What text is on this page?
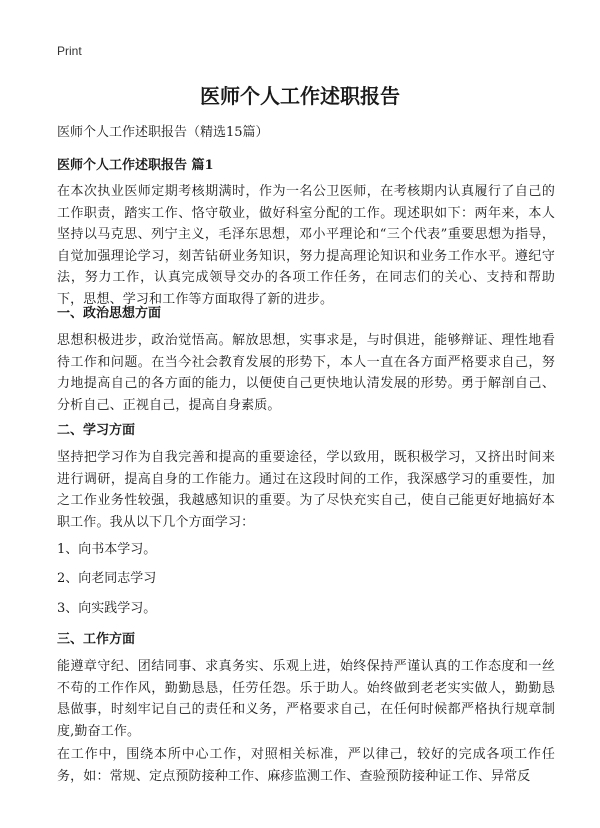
Print
医师个人工作述职报告

医师个人工作述职报告（精选15篇）

医师个人工作述职报告 篇1

在本次执业医师定期考核期满时，作为一名公卫医师，在考核期内认真履行了自己的工作职责，踏实工作、恪守敬业，做好科室分配的工作。现述职如下：两年来，本人坚持以马克思、列宁主义，毛泽东思想，邓小平理论和“三个代表”重要思想为指导，自觉加强理论学习，刻苦钻研业务知识，努力提高理论知识和业务工作水平。遵纪守法，努力工作，认真完成领导交办的各项工作任务，在同志们的关心、支持和帮助下，思想、学习和工作等方面取得了新的进步。

一、政治思想方面

思想积极进步，政治觉悟高。解放思想，实事求是，与时俱进，能够辩证、理性地看待工作和问题。在当今社会教育发展的形势下，本人一直在各方面严格要求自己，努力地提高自己的各方面的能力，以便使自己更快地认清发展的形势。勇于解剖自己、分析自己、正视自己，提高自身素质。

二、学习方面

坚持把学习作为自我完善和提高的重要途径，学以致用，既积极学习，又挤出时间来进行调研，提高自身的工作能力。通过在这段时间的工作，我深感学习的重要性，加之工作业务性较强，我越感知识的重要。为了尽快充实自己，使自己能更好地搞好本职工作。我从以下几个方面学习：

1、向书本学习。

2、向老同志学习

3、向实践学习。

三、工作方面

能遵章守纪、团结同事、求真务实、乐观上进，始终保持严谨认真的工作态度和一丝不苟的工作作风，勤勤恳恳，任劳任怨。乐于助人。始终做到老老实实做人，勤勤恳恳做事，时刻牢记自己的责任和义务，严格要求自己，在任何时候都严格执行规章制度,勤奋工作。

在工作中，围绕本所中心工作，对照相关标准，严以律己，较好的完成各项工作任务，如：常规、定点预防接种工作、麻疹监测工作、查验预防接种证工作、异常反
